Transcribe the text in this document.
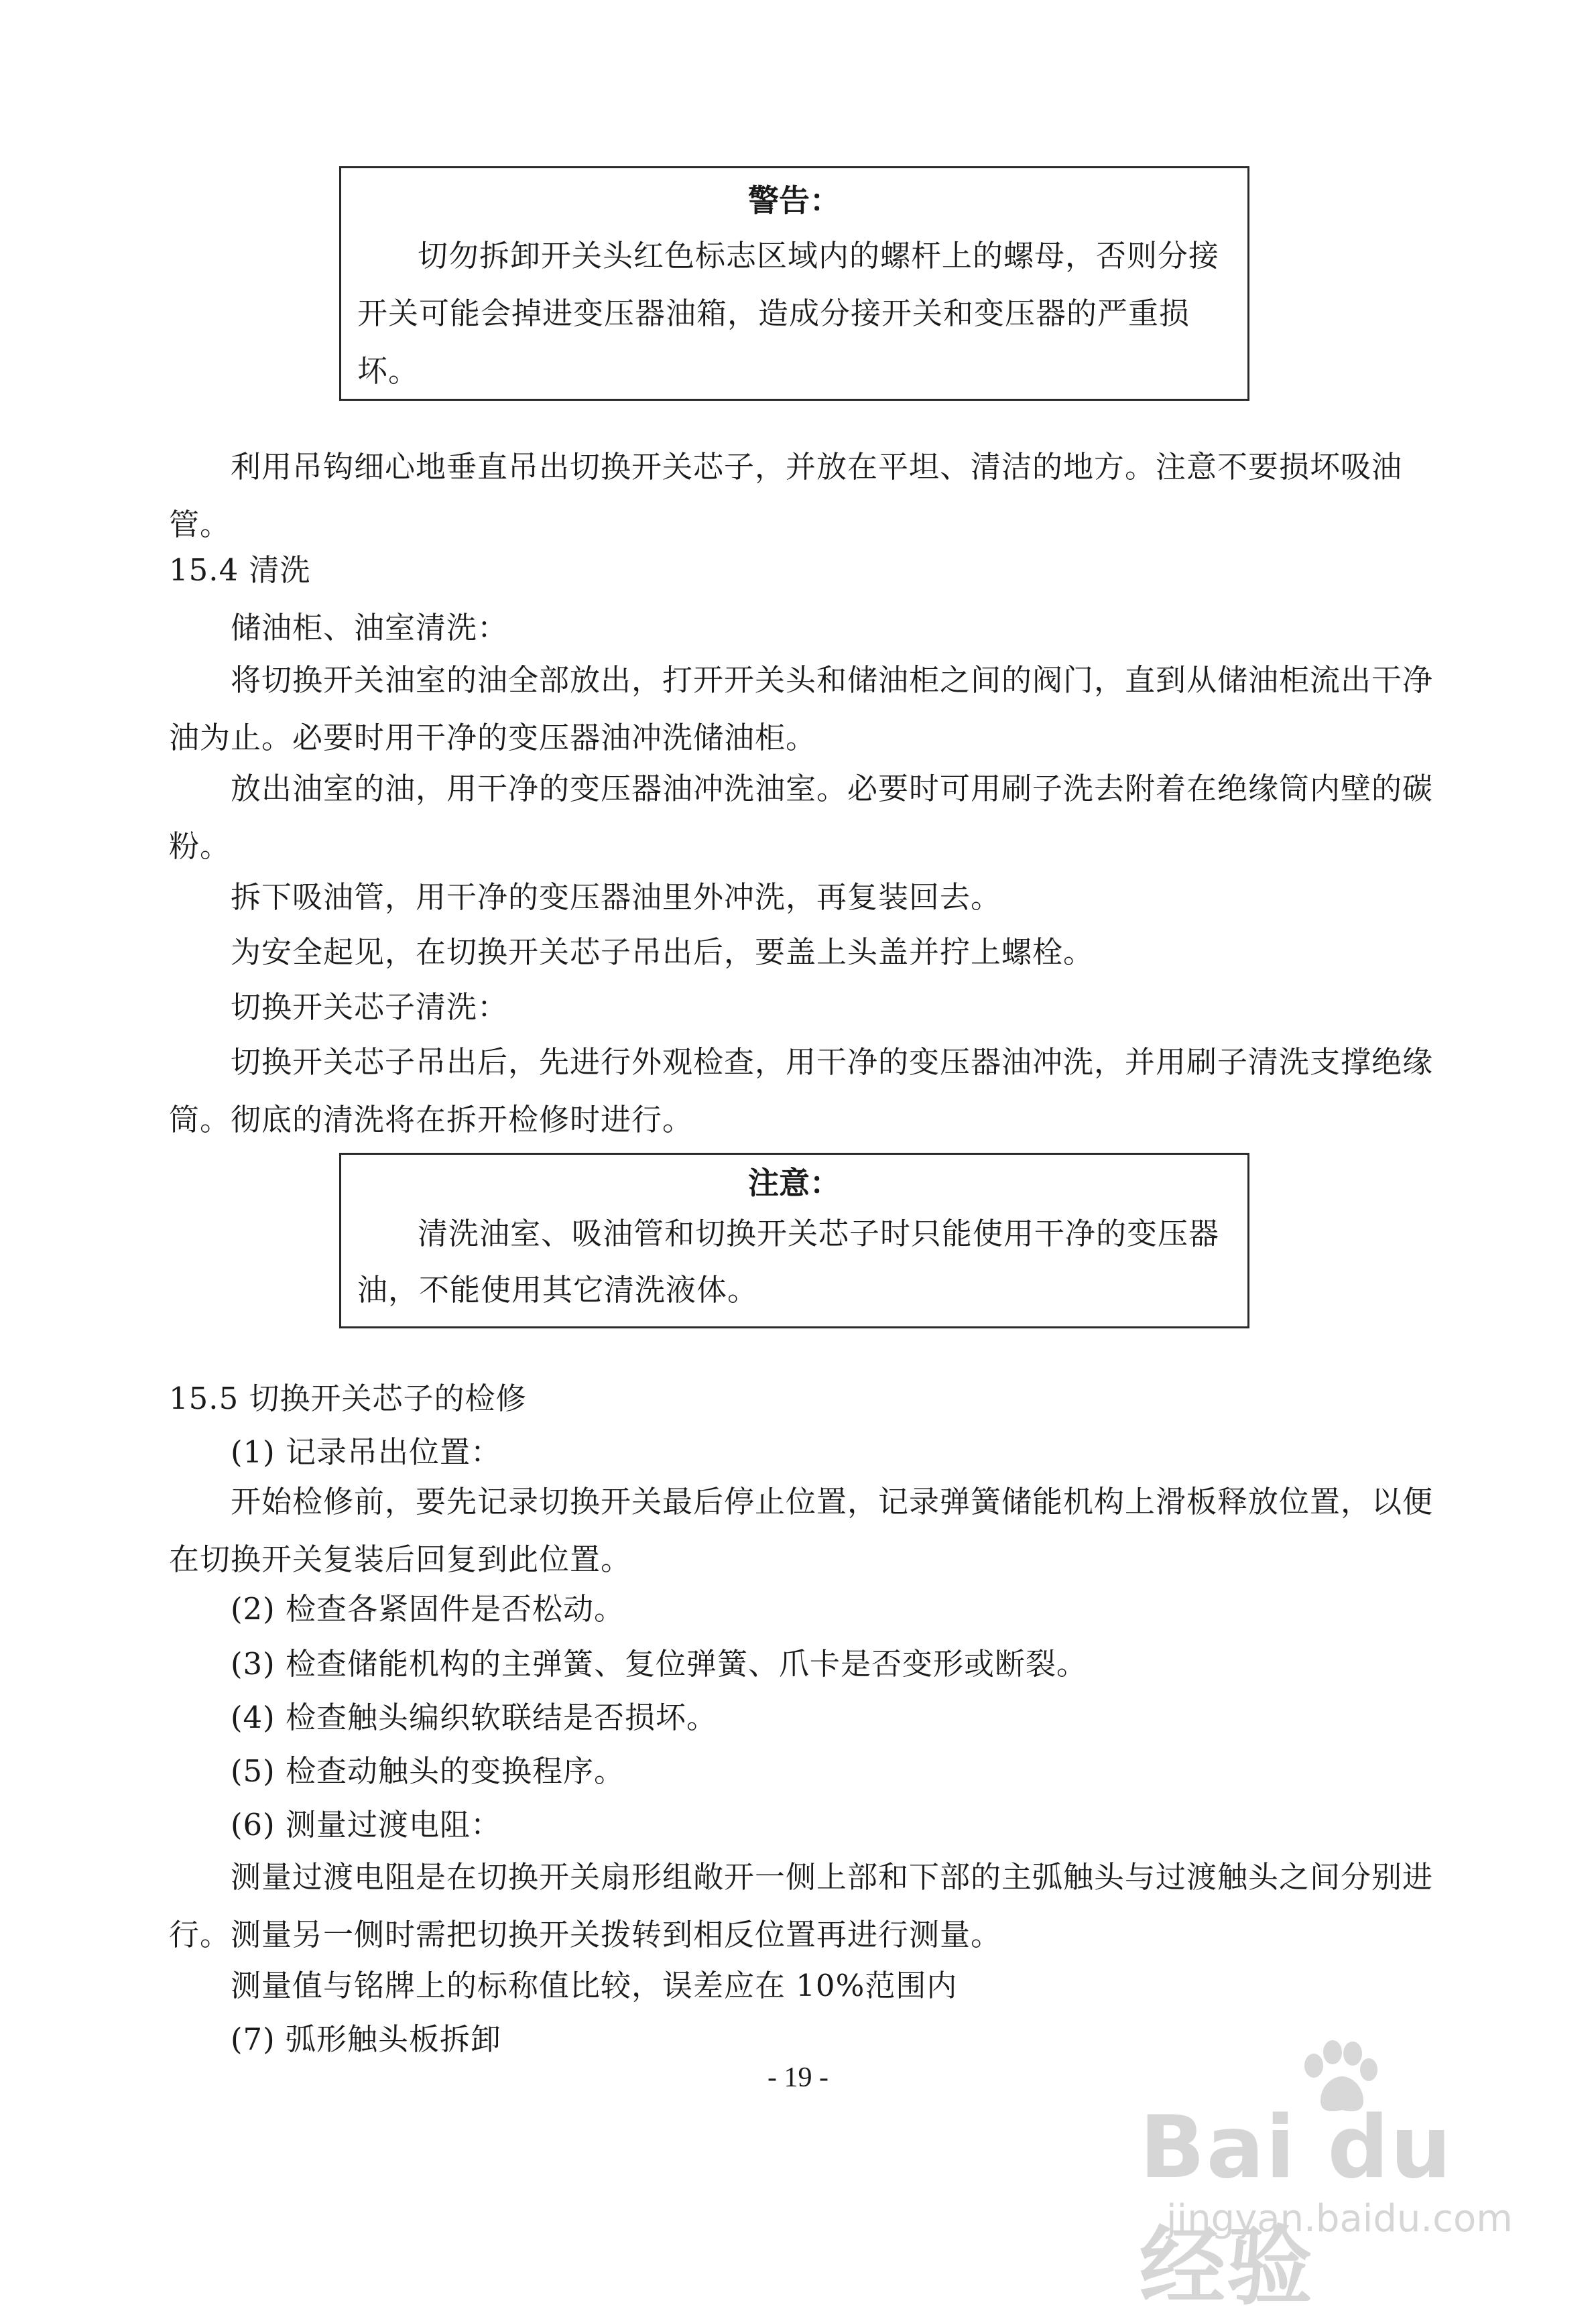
警告：

切勿拆卸开关头红色标志区域内的螺杆上的螺母，否则分接开关可能会掉进变压器油箱，造成分接开关和变压器的严重损坏。

利用吊钩细心地垂直吊出切换开关芯子，并放在平坦、清洁的地方。注意不要损坏吸油管。

15.4 清洗

储油柜、油室清洗：

将切换开关油室的油全部放出，打开开关头和储油柜之间的阀门，直到从储油柜流出干净油为止。必要时用干净的变压器油冲洗储油柜。

放出油室的油，用干净的变压器油冲洗油室。必要时可用刷子洗去附着在绝缘筒内壁的碳粉。

拆下吸油管，用干净的变压器油里外冲洗，再复装回去。

为安全起见，在切换开关芯子吊出后，要盖上头盖并拧上螺栓。

切换开关芯子清洗：

切换开关芯子吊出后，先进行外观检查，用干净的变压器油冲洗，并用刷子清洗支撑绝缘筒。彻底的清洗将在拆开检修时进行。

注意：

清洗油室、吸油管和切换开关芯子时只能使用干净的变压器油，不能使用其它清洗液体。

15.5 切换开关芯子的检修

(1) 记录吊出位置：

开始检修前，要先记录切换开关最后停止位置，记录弹簧储能机构上滑板释放位置，以便在切换开关复装后回复到此位置。

(2) 检查各紧固件是否松动。

(3) 检查储能机构的主弹簧、复位弹簧、爪卡是否变形或断裂。

(4) 检查触头编织软联结是否损坏。

(5) 检查动触头的变换程序。

(6) 测量过渡电阻：

测量过渡电阻是在切换开关扇形组敞开一侧上部和下部的主弧触头与过渡触头之间分别进行。测量另一侧时需把切换开关拨转到相反位置再进行测量。

测量值与铭牌上的标称值比较，误差应在 10%范围内

(7) 弧形触头板拆卸

- 19 -
Bai du 经验
jingyan.baidu.com
